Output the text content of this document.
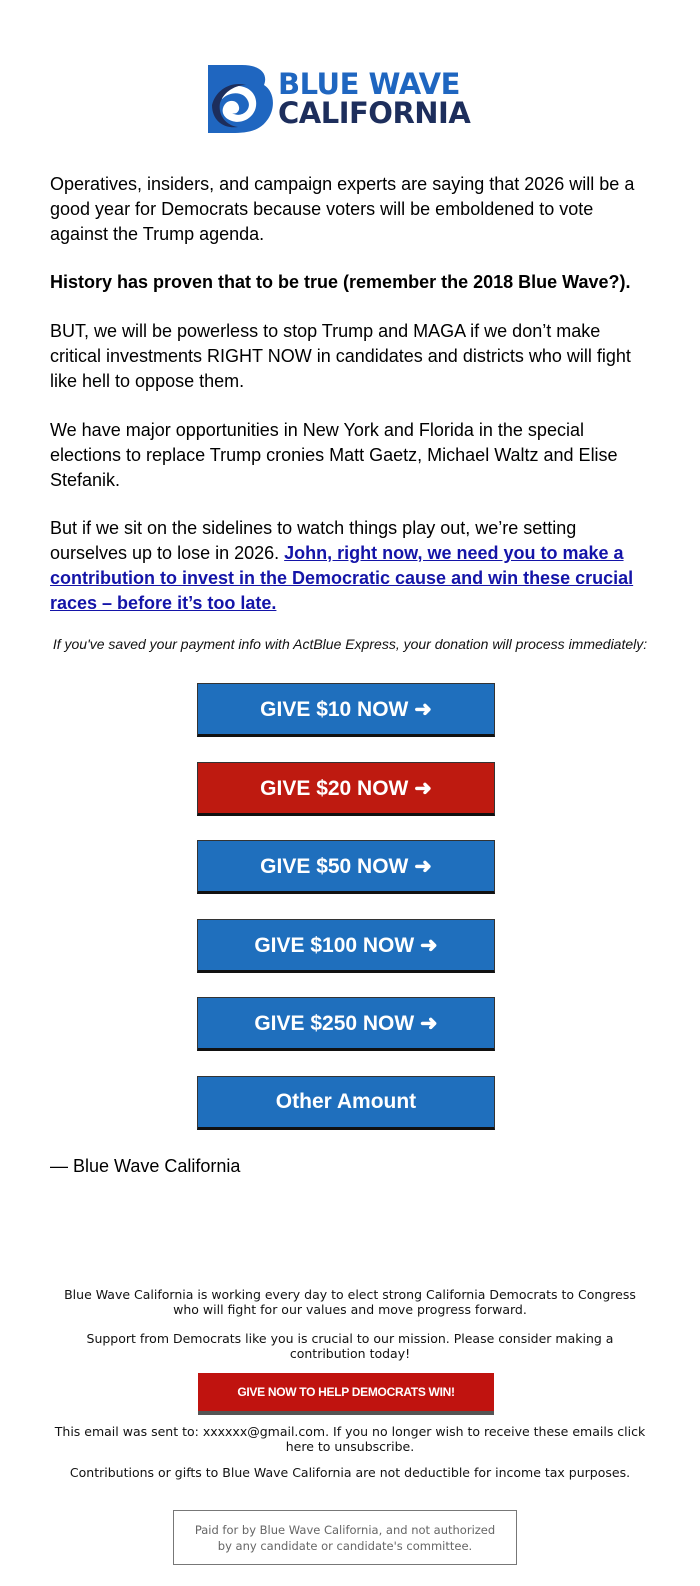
BLUE WAVE
CALIFORNIA
Operatives, insiders, and campaign experts are saying that 2026 will be a good year for Democrats because voters will be emboldened to vote against the Trump agenda.
History has proven that to be true (remember the 2018 Blue Wave?).
BUT, we will be powerless to stop Trump and MAGA if we don’t make critical investments RIGHT NOW in candidates and districts who will fight like hell to oppose them.
We have major opportunities in New York and Florida in the special elections to replace Trump cronies Matt Gaetz, Michael Waltz and Elise Stefanik.
But if we sit on the sidelines to watch things play out, we’re setting ourselves up to lose in 2026. John, right now, we need you to make a contribution to invest in the Democratic cause and win these crucial races – before it’s too late.
If you've saved your payment info with ActBlue Express, your donation will process immediately:
GIVE $10 NOW ➜
GIVE $20 NOW ➜
GIVE $50 NOW ➜
GIVE $100 NOW ➜
GIVE $250 NOW ➜
Other Amount
— Blue Wave California
Blue Wave California is working every day to elect strong California Democrats to Congress who will fight for our values and move progress forward.
Support from Democrats like you is crucial to our mission. Please consider making a contribution today!
GIVE NOW TO HELP DEMOCRATS WIN!
This email was sent to: xxxxxx@gmail.com. If you no longer wish to receive these emails click here to unsubscribe.
Contributions or gifts to Blue Wave California are not deductible for income tax purposes.
Paid for by Blue Wave California, and not authorized by any candidate or candidate's committee.
